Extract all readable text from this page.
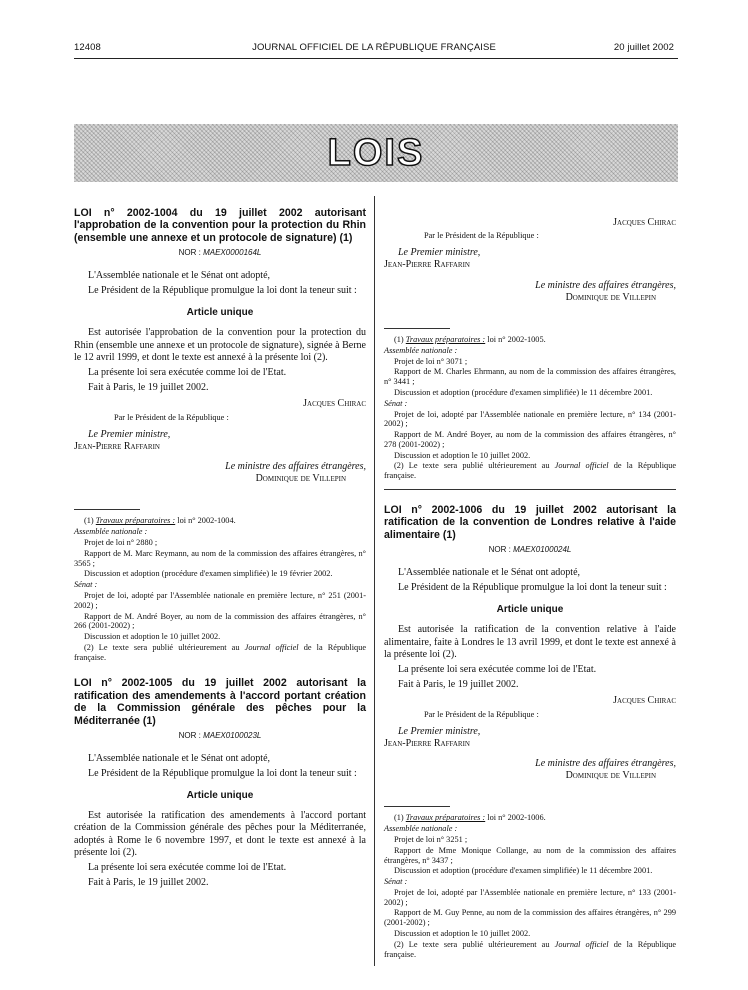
12408	JOURNAL OFFICIEL DE LA RÉPUBLIQUE FRANÇAISE	20 juillet 2002
LOIS
LOI n° 2002-1004 du 19 juillet 2002 autorisant l'approbation de la convention pour la protection du Rhin (ensemble une annexe et un protocole de signature) (1)
NOR : MAEX0000164L

L'Assemblée nationale et le Sénat ont adopté,

Le Président de la République promulgue la loi dont la teneur suit :

Article unique

Est autorisée l'approbation de la convention pour la protection du Rhin (ensemble une annexe et un protocole de signature), signée à Berne le 12 avril 1999, et dont le texte est annexé à la présente loi (2).

La présente loi sera exécutée comme loi de l'Etat.

Fait à Paris, le 19 juillet 2002.

Jacques Chirac
Par le Président de la République :
Le Premier ministre,
Jean-Pierre Raffarin
Le ministre des affaires étrangères,
Dominique de Villepin

(1) Travaux préparatoires : loi n° 2002-1004.

Assemblée nationale :

Projet de loi n° 2880 ;

Rapport de M. Marc Reymann, au nom de la commission des affaires étrangères, n° 3565 ;

Discussion et adoption (procédure d'examen simplifiée) le 19 février 2002.

Sénat :

Projet de loi, adopté par l'Assemblée nationale en première lecture, n° 251 (2001-2002) ;

Rapport de M. André Boyer, au nom de la commission des affaires étrangères, n° 266 (2001-2002) ;

Discussion et adoption le 10 juillet 2002.

(2) Le texte sera publié ultérieurement au Journal officiel de la République française.

LOI n° 2002-1005 du 19 juillet 2002 autorisant la ratification des amendements à l'accord portant création de la Commission générale des pêches pour la Méditerranée (1)
NOR : MAEX0100023L

L'Assemblée nationale et le Sénat ont adopté,

Le Président de la République promulgue la loi dont la teneur suit :

Article unique

Est autorisée la ratification des amendements à l'accord portant création de la Commission générale des pêches pour la Méditerranée, adoptés à Rome le 6 novembre 1997, et dont le texte est annexé à la présente loi (2).

La présente loi sera exécutée comme loi de l'Etat.

Fait à Paris, le 19 juillet 2002.

Jacques Chirac
Par le Président de la République :
Le Premier ministre,
Jean-Pierre Raffarin
Le ministre des affaires étrangères,
Dominique de Villepin

(1) Travaux préparatoires : loi n° 2002-1005.

Assemblée nationale :

Projet de loi n° 3071 ;

Rapport de M. Charles Ehrmann, au nom de la commission des affaires étrangères, n° 3441 ;

Discussion et adoption (procédure d'examen simplifiée) le 11 décembre 2001.

Sénat :

Projet de loi, adopté par l'Assemblée nationale en première lecture, n° 134 (2001-2002) ;

Rapport de M. André Boyer, au nom de la commission des affaires étrangères, n° 278 (2001-2002) ;

Discussion et adoption le 10 juillet 2002.

(2) Le texte sera publié ultérieurement au Journal officiel de la République française.

LOI n° 2002-1006 du 19 juillet 2002 autorisant la ratification de la convention de Londres relative à l'aide alimentaire (1)
NOR : MAEX0100024L

L'Assemblée nationale et le Sénat ont adopté,

Le Président de la République promulgue la loi dont la teneur suit :

Article unique

Est autorisée la ratification de la convention relative à l'aide alimentaire, faite à Londres le 13 avril 1999, et dont le texte est annexé à la présente loi (2).

La présente loi sera exécutée comme loi de l'Etat.

Fait à Paris, le 19 juillet 2002.

Jacques Chirac
Par le Président de la République :
Le Premier ministre,
Jean-Pierre Raffarin
Le ministre des affaires étrangères,
Dominique de Villepin

(1) Travaux préparatoires : loi n° 2002-1006.

Assemblée nationale :

Projet de loi n° 3251 ;

Rapport de Mme Monique Collange, au nom de la commission des affaires étrangères, n° 3437 ;

Discussion et adoption (procédure d'examen simplifiée) le 11 décembre 2001.

Sénat :

Projet de loi, adopté par l'Assemblée nationale en première lecture, n° 133 (2001-2002) ;

Rapport de M. Guy Penne, au nom de la commission des affaires étrangères, n° 299 (2001-2002) ;

Discussion et adoption le 10 juillet 2002.

(2) Le texte sera publié ultérieurement au Journal officiel de la République française.
